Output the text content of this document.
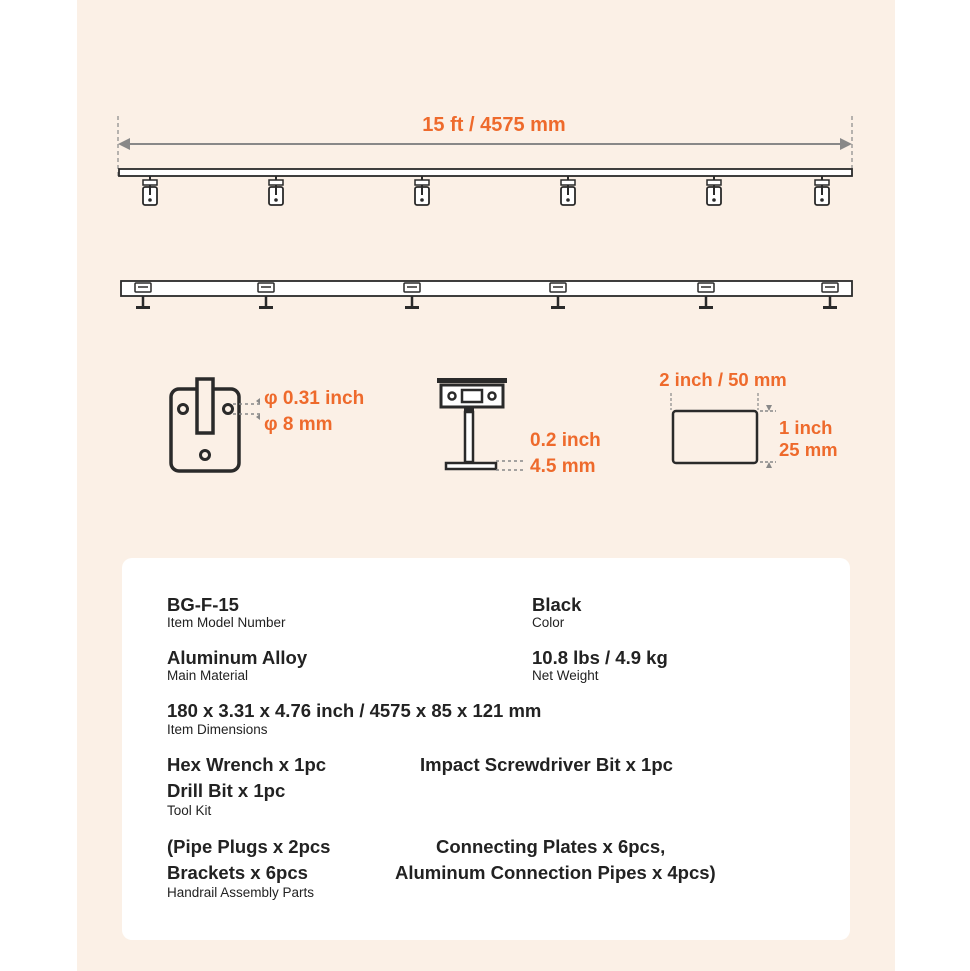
15 ft / 4575 mm
φ 0.31 inch
φ 8 mm
0.2 inch
4.5 mm
2 inch / 50 mm
1 inch
25 mm
BG-F-15
Item Model Number
Black
Color
Aluminum Alloy
Main Material
10.8 lbs / 4.9 kg
Net Weight
180 x 3.31 x 4.76 inch / 4575 x 85 x 121 mm
Item Dimensions
Hex Wrench x 1pc	Impact Screwdriver Bit x 1pc
Drill Bit x 1pc
Tool Kit
(Pipe Plugs x 2pcs	Connecting Plates x 6pcs,
Brackets x 6pcs	Aluminum Connection Pipes x 4pcs)
Handrail Assembly Parts
